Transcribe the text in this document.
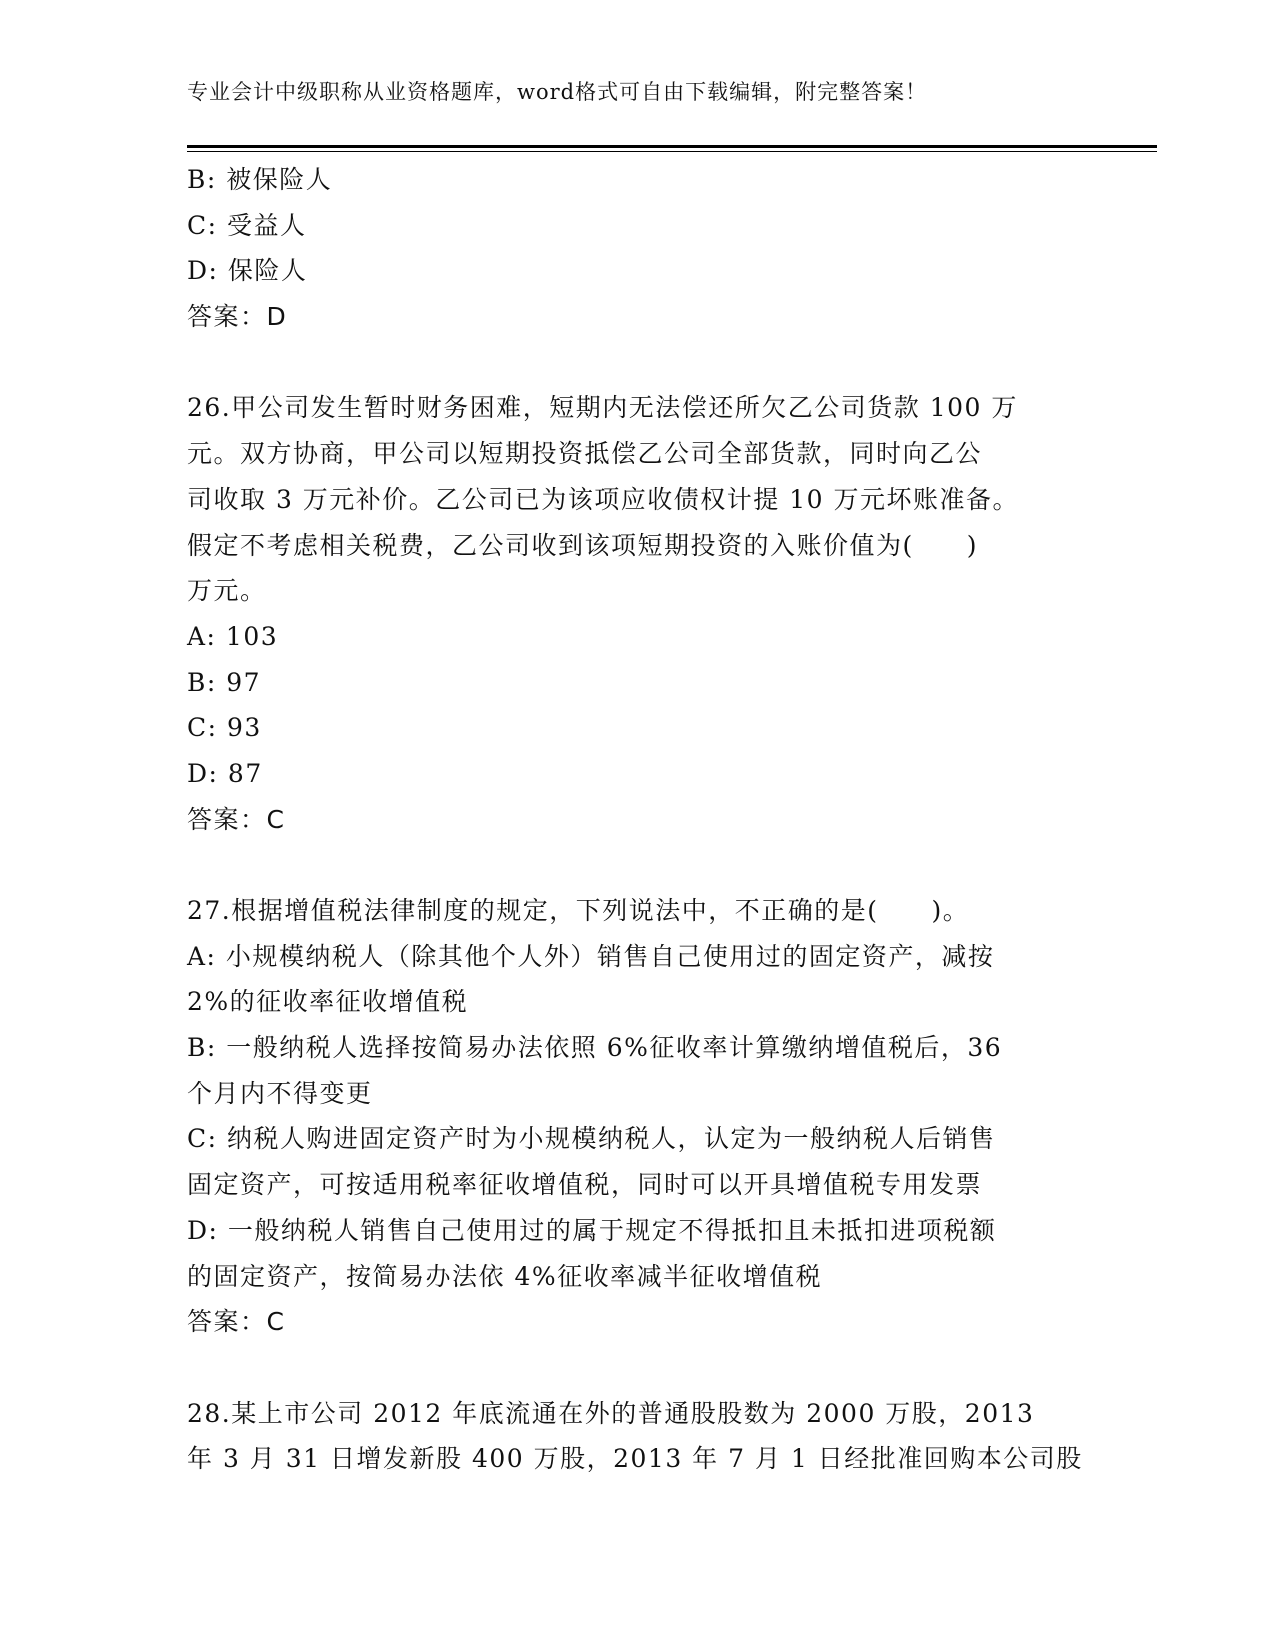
专业会计中级职称从业资格题库，word格式可自由下载编辑，附完整答案！
B: 被保险人
C: 受益人
D: 保险人
答案：D
26.甲公司发生暂时财务困难，短期内无法偿还所欠乙公司货款 100 万
元。双方协商，甲公司以短期投资抵偿乙公司全部货款，同时向乙公
司收取 3 万元补价。乙公司已为该项应收债权计提 10 万元坏账准备。
假定不考虑相关税费，乙公司收到该项短期投资的入账价值为(　　)
万元。
A: 103
B: 97
C: 93
D: 87
答案：C
27.根据增值税法律制度的规定，下列说法中，不正确的是(　　)。
A: 小规模纳税人（除其他个人外）销售自己使用过的固定资产，减按
2%的征收率征收增值税
B: 一般纳税人选择按简易办法依照 6%征收率计算缴纳增值税后，36
个月内不得变更
C: 纳税人购进固定资产时为小规模纳税人，认定为一般纳税人后销售
固定资产，可按适用税率征收增值税，同时可以开具增值税专用发票
D: 一般纳税人销售自己使用过的属于规定不得抵扣且未抵扣进项税额
的固定资产，按简易办法依 4%征收率减半征收增值税
答案：C
28.某上市公司 2012 年底流通在外的普通股股数为 2000 万股，2013
年 3 月 31 日增发新股 400 万股，2013 年 7 月 1 日经批准回购本公司股
